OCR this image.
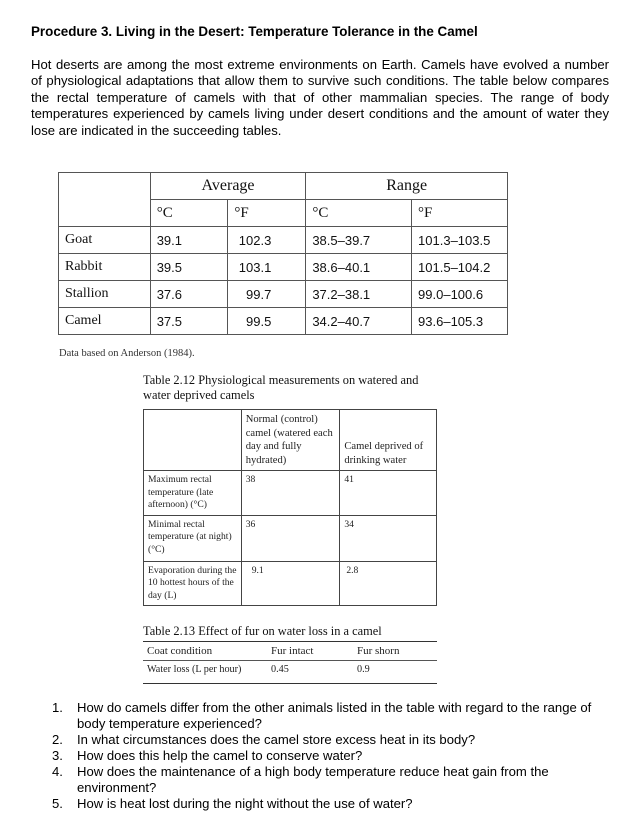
Procedure 3. Living in the Desert: Temperature Tolerance in the Camel
Hot deserts are among the most extreme environments on Earth. Camels have evolved a number of physiological adaptations that allow them to survive such conditions. The table below compares the rectal temperature of camels with that of other mammalian species. The range of body temperatures experienced by camels living under desert conditions and the amount of water they lose are indicated in the succeeding tables.
	Average		Range	
	°C	°F	°C	°F
Goat	39.1	102.3	38.5–39.7	101.3–103.5
Rabbit	39.5	103.1	38.6–40.1	101.5–104.2
Stallion	37.6	99.7	37.2–38.1	99.0–100.6
Camel	37.5	99.5	34.2–40.7	93.6–105.3
Data based on Anderson (1984).
Table 2.12 Physiological measurements on watered and water deprived camels
	Normal (control) camel (watered each day and fully hydrated)	Camel deprived of drinking water
Maximum rectal temperature (late afternoon) (°C)	38	41
Minimal rectal temperature (at night) (°C)	36	34
Evaporation during the 10 hottest hours of the day (L)	9.1	2.8
Table 2.13 Effect of fur on water loss in a camel
Coat condition	Fur intact	Fur shorn
Water loss (L per hour)	0.45	0.9
1. How do camels differ from the other animals listed in the table with regard to the range of body temperature experienced?
2. In what circumstances does the camel store excess heat in its body?
3. How does this help the camel to conserve water?
4. How does the maintenance of a high body temperature reduce heat gain from the environment?
5. How is heat lost during the night without the use of water?
